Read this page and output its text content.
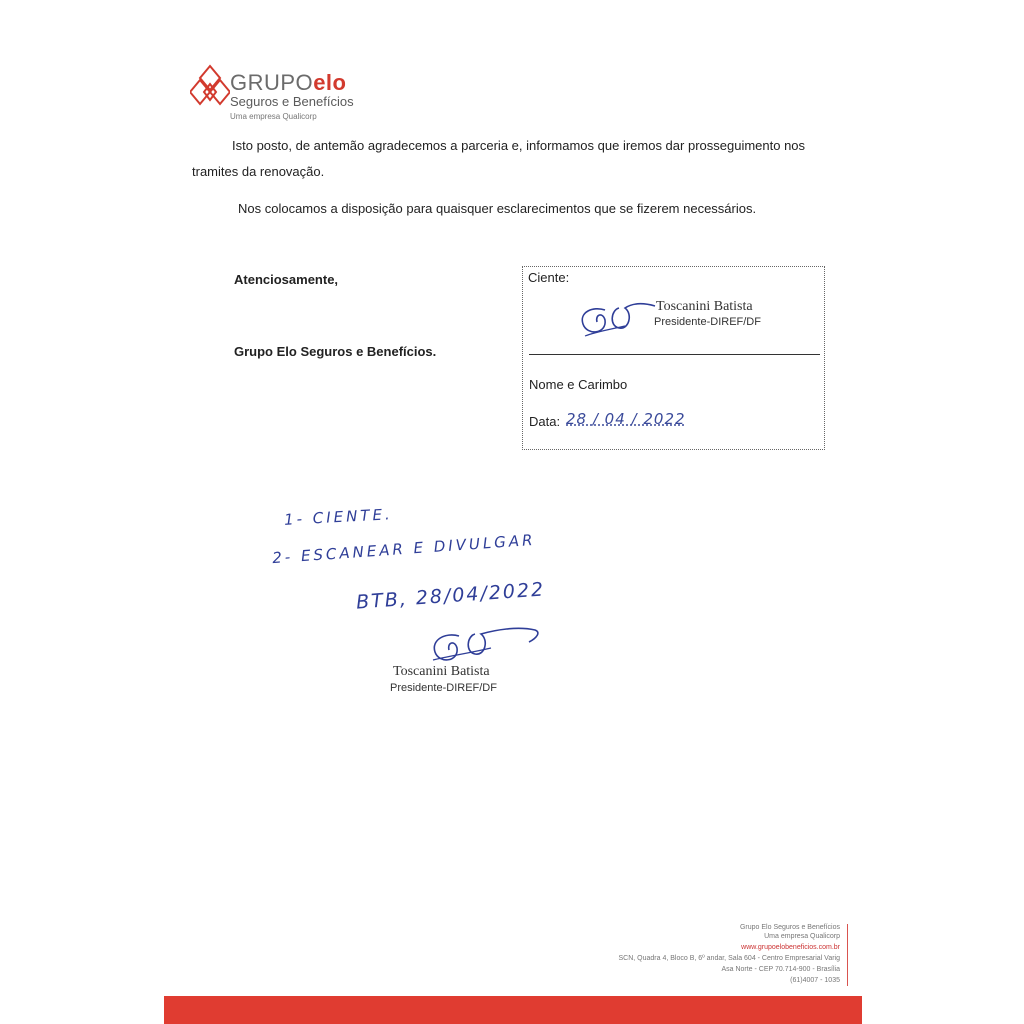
GRUPOelo
Seguros e Benefícios
Uma empresa Qualicorp
Isto posto, de antemão agradecemos a parceria e, informamos que iremos dar prosseguimento nos tramites da renovação.
Nos colocamos a disposição para quaisquer esclarecimentos que se fizerem necessários.
Atenciosamente,
Grupo Elo Seguros e Benefícios.
Ciente:
Toscanini Batista
Presidente-DIREF/DF
Nome e Carimbo
Data: 28 / 04 / 2022
1- CIENTE.
2- ESCANEAR E DIVULGAR
BTB, 28/04/2022
Toscanini Batista
Presidente-DIREF/DF
Grupo Elo Seguros e Benefícios
Uma empresa Qualicorp
www.grupoelobeneficios.com.br
SCN, Quadra 4, Bloco B, 6º andar, Sala 604 - Centro Empresarial Varig
Asa Norte - CEP 70.714-900 - Brasília
(61)4007 - 1035
